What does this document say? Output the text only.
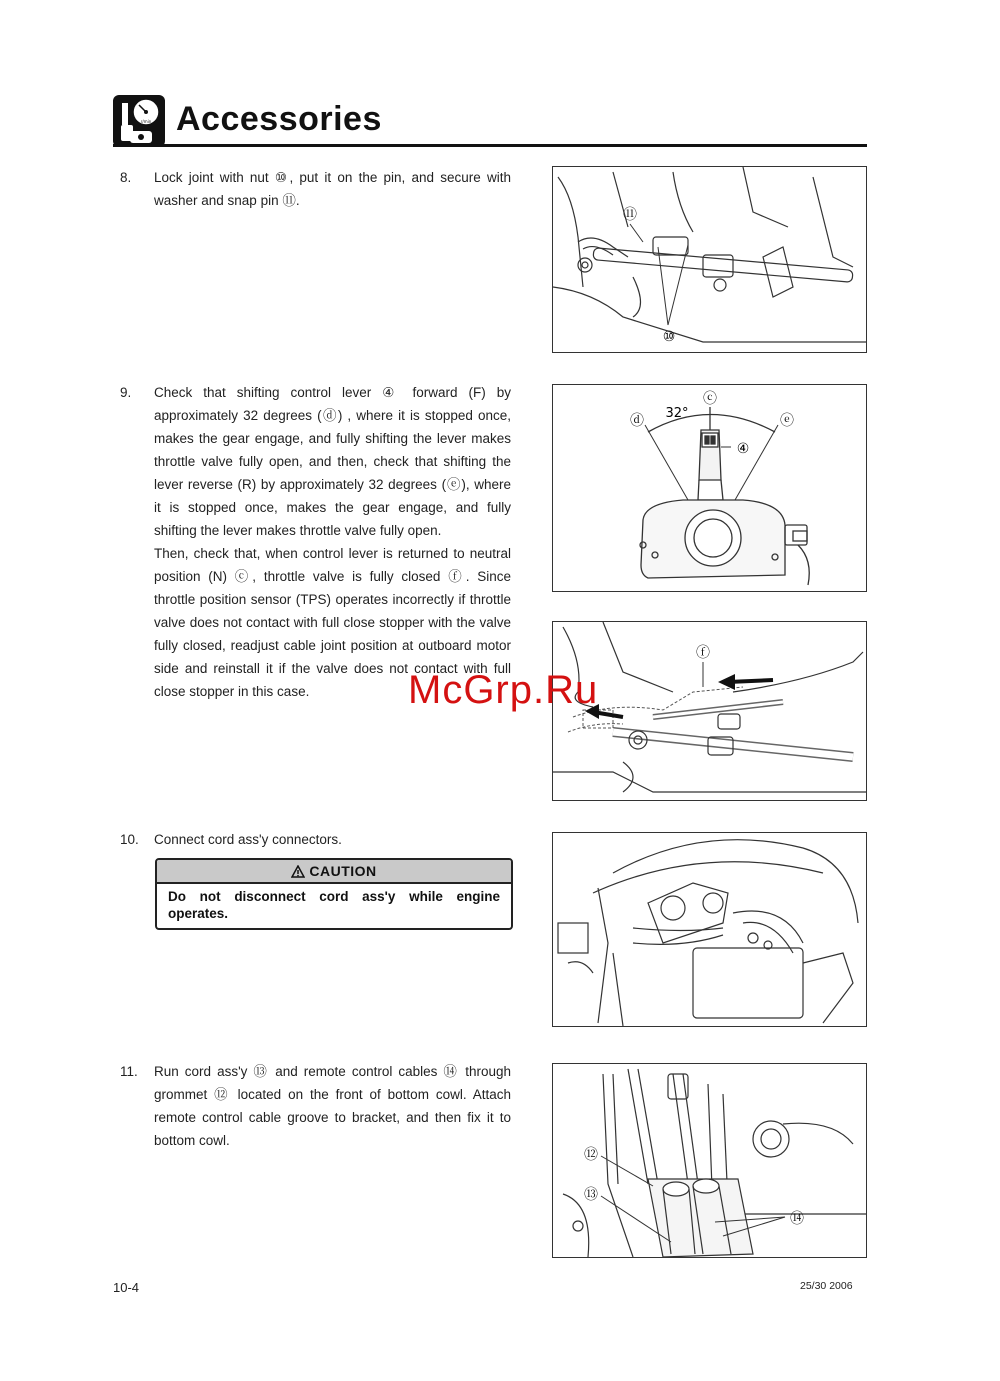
r/min Accessories
8. Lock joint with nut ⑩, put it on the pin, and secure with washer and snap pin ⑪.

9. Check that shifting control lever ④ forward (F) by approximately 32 degrees (ⓓ) , where it is stopped once, makes the gear engage, and fully shifting the lever makes throttle valve fully open, and then, check that shifting the lever reverse (R) by approximately 32 degrees (ⓔ), where it is stopped once, makes the gear engage, and fully shifting the lever makes throttle valve fully open.

Then, check that, when control lever is returned to neutral position (N) ⓒ, throttle valve is fully closed ⓕ. Since throttle position sensor (TPS) operates incorrectly if throttle valve does not contact with full close stopper with the valve fully closed, readjust cable joint position at outboard motor side and reinstall it if the valve does not contact with full close stopper in this case.

10. Connect cord ass'y connectors.

CAUTION
Do not disconnect cord ass'y while engine operates.
11. Run cord ass'y ⑬ and remote control cables ⑭ through grommet ⑫ located on the front of bottom cowl. Attach remote control cable groove to bracket, and then fix it to bottom cowl.

⑪
⑩
ⓒ
ⓓ	ⓔ
④
32°
ⓕ
⑫
⑬
⑭
McGrp.Ru
10-4	25/30 2006
